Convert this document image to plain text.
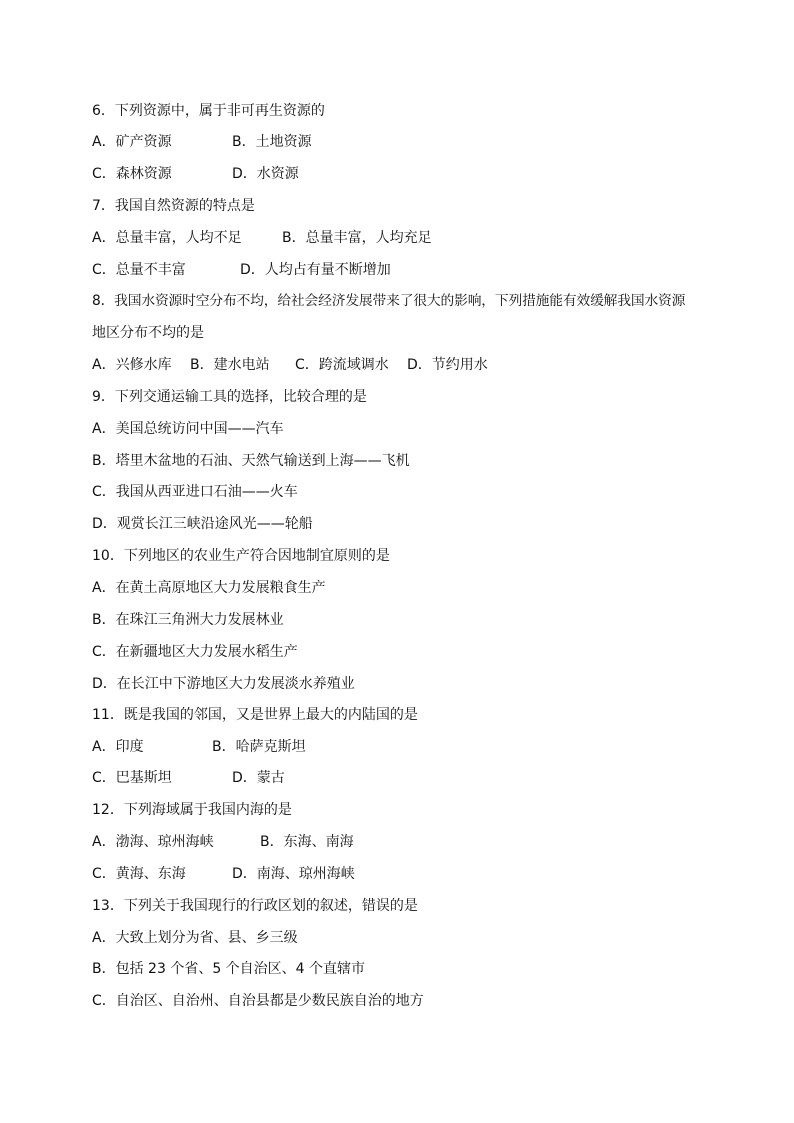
6．下列资源中，属于非可再生资源的
A．矿产资源	B．土地资源
C．森林资源	D．水资源
7．我国自然资源的特点是
A．总量丰富，人均不足	B．总量丰富，人均充足
C．总量不丰富	D．人均占有量不断增加
8．我国水资源时空分布不均，给社会经济发展带来了很大的影响，下列措施能有效缓解我国水资源
地区分布不均的是
A．兴修水库 B．建水电站 C．跨流域调水 D．节约用水
9．下列交通运输工具的选择，比较合理的是
A．美国总统访问中国——汽车
B．塔里木盆地的石油、天然气输送到上海——飞机
C．我国从西亚进口石油——火车
D．观赏长江三峡沿途风光——轮船
10．下列地区的农业生产符合因地制宜原则的是
A．在黄土高原地区大力发展粮食生产
B．在珠江三角洲大力发展林业
C．在新疆地区大力发展水稻生产
D．在长江中下游地区大力发展淡水养殖业
11．既是我国的邻国，又是世界上最大的内陆国的是
A．印度	B．哈萨克斯坦
C．巴基斯坦	D．蒙古
12．下列海域属于我国内海的是
A．渤海、琼州海峡	B．东海、南海
C．黄海、东海	D．南海、琼州海峡
13．下列关于我国现行的行政区划的叙述，错误的是
A．大致上划分为省、县、乡三级
B．包括 23 个省、5 个自治区、4 个直辖市
C．自治区、自治州、自治县都是少数民族自治的地方
